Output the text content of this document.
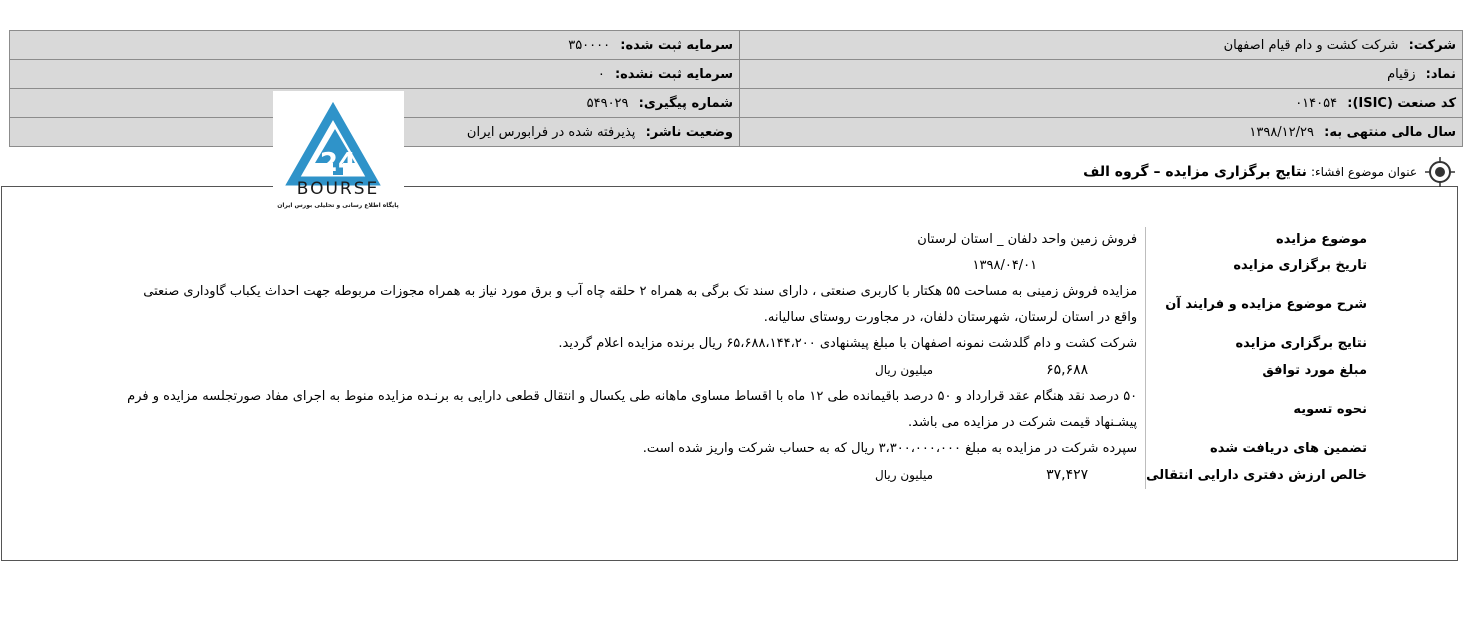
شرکت: شرکت کشت و دام قیام اصفهان	سرمایه ثبت شده: ۳۵۰۰۰۰
نماد: زقیام	سرمایه ثبت نشده: ۰
کد صنعت (ISIC): ۰۱۴۰۵۴	شماره پیگیری: ۵۴۹۰۲۹
سال مالی منتهی به: ۱۳۹۸/۱۲/۲۹	وضعیت ناشر: پذیرفته شده در فرابورس ایران
24
BOURSE
پایگاه اطلاع رسانی و تحلیلی بورس ایران
عنوان موضوع افشاء:
نتایج برگزاری مزایده – گروه الف
موضوع مزایده	فروش زمین واحد دلفان _ استان لرستان
تاریخ برگزاری مزایده	۱۳۹۸/۰۴/۰۱
شرح موضوع مزایده و فرایند آن	مزایده فروش زمینی به مساحت ۵۵ هکتار با کاربری صنعتی ، دارای سند تک برگی به همراه ۲ حلقه چاه آب و برق مورد نیاز به همراه مجوزات مربوطه جهت احداث یکباب گاوداری صنعتی واقع در استان لرستان، شهرستان دلفان، در مجاورت روستای سالیانه.
نتایج برگزاری مزایده	شرکت کشت و دام گلدشت نمونه اصفهان با مبلغ پیشنهادی ۶۵،۶۸۸،۱۴۴،۲۰۰ ریال برنده مزایده اعلام گردید.
مبلغ مورد توافق	۶۵,۶۸۸ میلیون ریال
نحوه تسویه	۵۰ درصد نقد هنگام عقد قرارداد و ۵۰ درصد باقیمانده طی ۱۲ ماه با اقساط مساوی ماهانه طی یکسال و انتقال قطعی دارایی به برنـده مزایده منوط به اجرای مفاد صورتجلسه مزایده و فرم پیشـنهاد قیمت شرکت در مزایده می باشد.
تضمین های دریافت شده	سپرده شرکت در مزایده به مبلغ ۳،۳۰۰،۰۰۰،۰۰۰ ریال که به حساب شرکت واریز شده است.
خالص ارزش دفتری دارایی انتقالی	۳۷,۴۲۷ میلیون ریال
